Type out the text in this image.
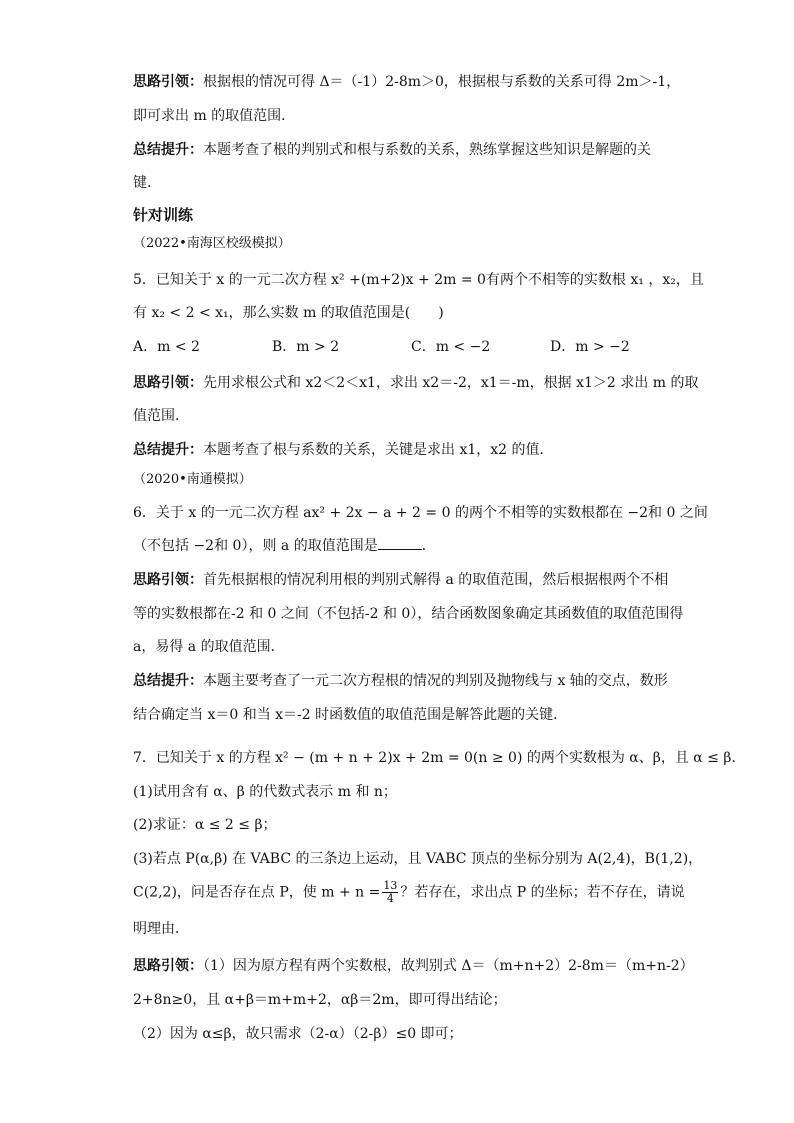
思路引领：根据根的情况可得 Δ＝（-1）2-8m＞0，根据根与系数的关系可得 2m＞-1，
即可求出 m 的取值范围．
总结提升：本题考查了根的判别式和根与系数的关系，熟练掌握这些知识是解题的关
键．
针对训练
（2022•南海区校级模拟）
5．已知关于 x 的一元二次方程 x² +(m+2)x + 2m = 0有两个不相等的实数根 x₁ ，x₂，且
有 x₂ < 2 < x₁，那么实数 m 的取值范围是(　　)
A．m < 2	B．m > 2	C．m < −2	D．m > −2
思路引领：先用求根公式和 x2＜2＜x1，求出 x2＝-2，x1＝-m，根据 x1＞2 求出 m 的取
值范围．
总结提升：本题考查了根与系数的关系，关键是求出 x1，x2 的值．
（2020•南通模拟）
6．关于 x 的一元二次方程 ax² + 2x − a + 2 = 0 的两个不相等的实数根都在 −2和 0 之间
（不包括 −2和 0），则 a 的取值范围是	．
思路引领：首先根据根的情况利用根的判别式解得 a 的取值范围，然后根据根两个不相
等的实数根都在-2 和 0 之间（不包括-2 和 0），结合函数图象确定其函数值的取值范围得
a，易得 a 的取值范围．
总结提升：本题主要考查了一元二次方程根的情况的判别及抛物线与 x 轴的交点，数形
结合确定当 x＝0 和当 x＝-2 时函数值的取值范围是解答此题的关键．
7．已知关于 x 的方程 x² − (m + n + 2)x + 2m = 0(n ≥ 0) 的两个实数根为 α、β，且 α ≤ β．
(1)试用含有 α、β 的代数式表示 m 和 n；
(2)求证：α ≤ 2 ≤ β；
(3)若点 P(α,β) 在 VABC 的三条边上运动，且 VABC 顶点的坐标分别为 A(2,4)，B(1,2)，
C(2,2)，问是否存在点 P，使 $m + n = \frac{13}{4}$ ？若存在，求出点 P 的坐标；若不存在，请说
明理由．
思路引领：（1）因为原方程有两个实数根，故判别式 Δ＝（m+n+2）2-8m＝（m+n-2）
2+8n≥0，且 α+β＝m+m+2，αβ＝2m，即可得出结论；
（2）因为 α≤β，故只需求（2-α）（2-β）≤0 即可；
